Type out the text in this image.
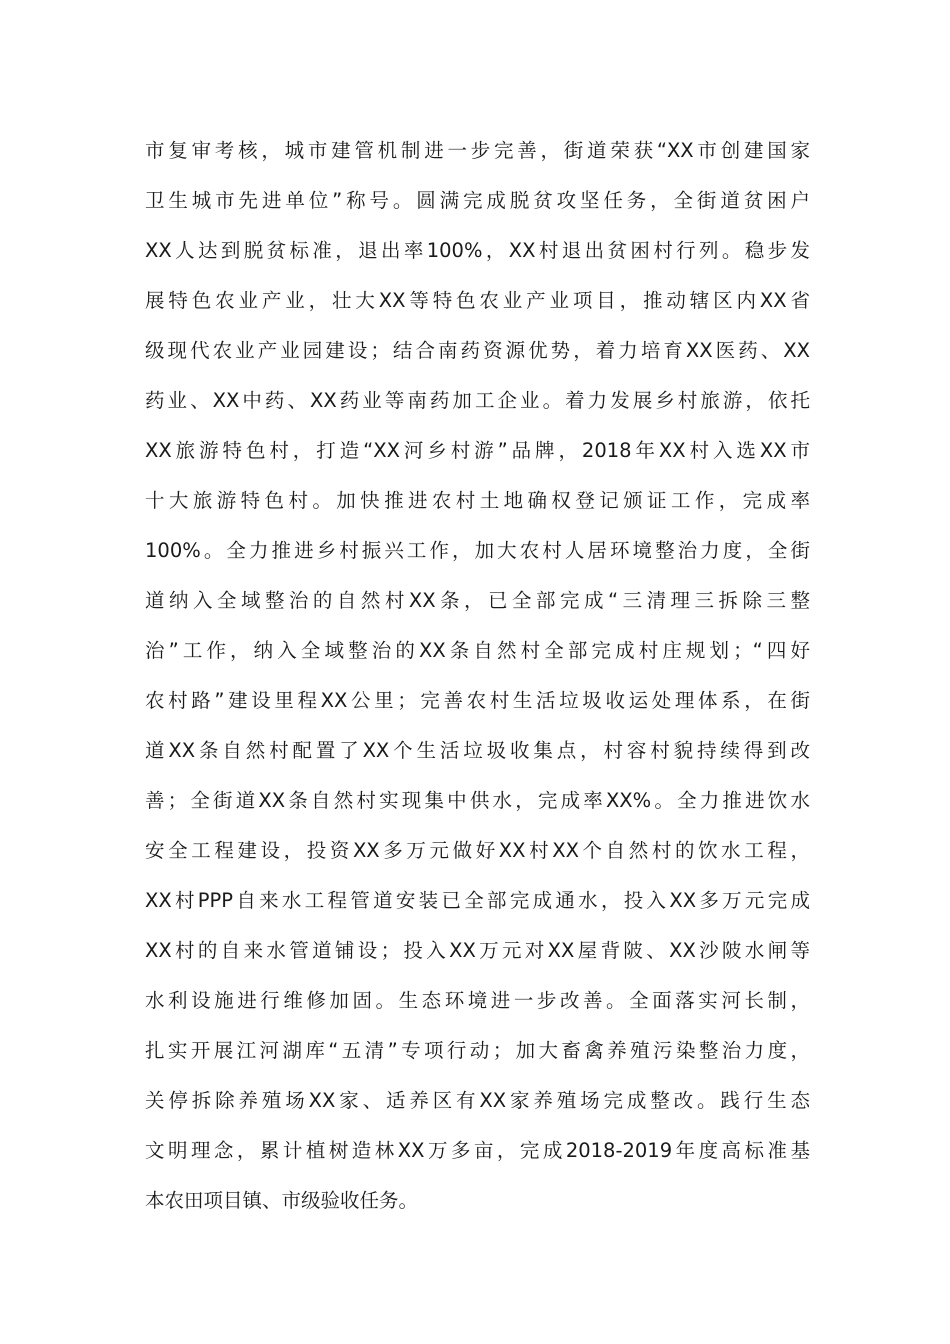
市复审考核，城市建管机制进一步完善，街道荣获“XX市创建国家
卫生城市先进单位”称号。圆满完成脱贫攻坚任务，全街道贫困户
XX人达到脱贫标准，退出率100%，XX村退出贫困村行列。稳步发
展特色农业产业，壮大XX等特色农业产业项目，推动辖区内XX省
级现代农业产业园建设；结合南药资源优势，着力培育XX医药、XX
药业、XX中药、XX药业等南药加工企业。着力发展乡村旅游，依托
XX旅游特色村，打造“XX河乡村游”品牌，2018年XX村入选XX市
十大旅游特色村。加快推进农村土地确权登记颁证工作，完成率
100%。全力推进乡村振兴工作，加大农村人居环境整治力度，全街
道纳入全域整治的自然村XX条，已全部完成“三清理三拆除三整
治”工作，纳入全域整治的XX条自然村全部完成村庄规划；“四好
农村路”建设里程XX公里；完善农村生活垃圾收运处理体系，在街
道XX条自然村配置了XX个生活垃圾收集点，村容村貌持续得到改
善；全街道XX条自然村实现集中供水，完成率XX%。全力推进饮水
安全工程建设，投资XX多万元做好XX村XX个自然村的饮水工程，
XX村PPP自来水工程管道安装已全部完成通水，投入XX多万元完成
XX村的自来水管道铺设；投入XX万元对XX屋背陂、XX沙陂水闸等
水利设施进行维修加固。生态环境进一步改善。全面落实河长制，
扎实开展江河湖库“五清”专项行动；加大畜禽养殖污染整治力度，
关停拆除养殖场XX家、适养区有XX家养殖场完成整改。践行生态
文明理念，累计植树造林XX万多亩，完成2018-2019年度高标准基
本农田项目镇、市级验收任务。
